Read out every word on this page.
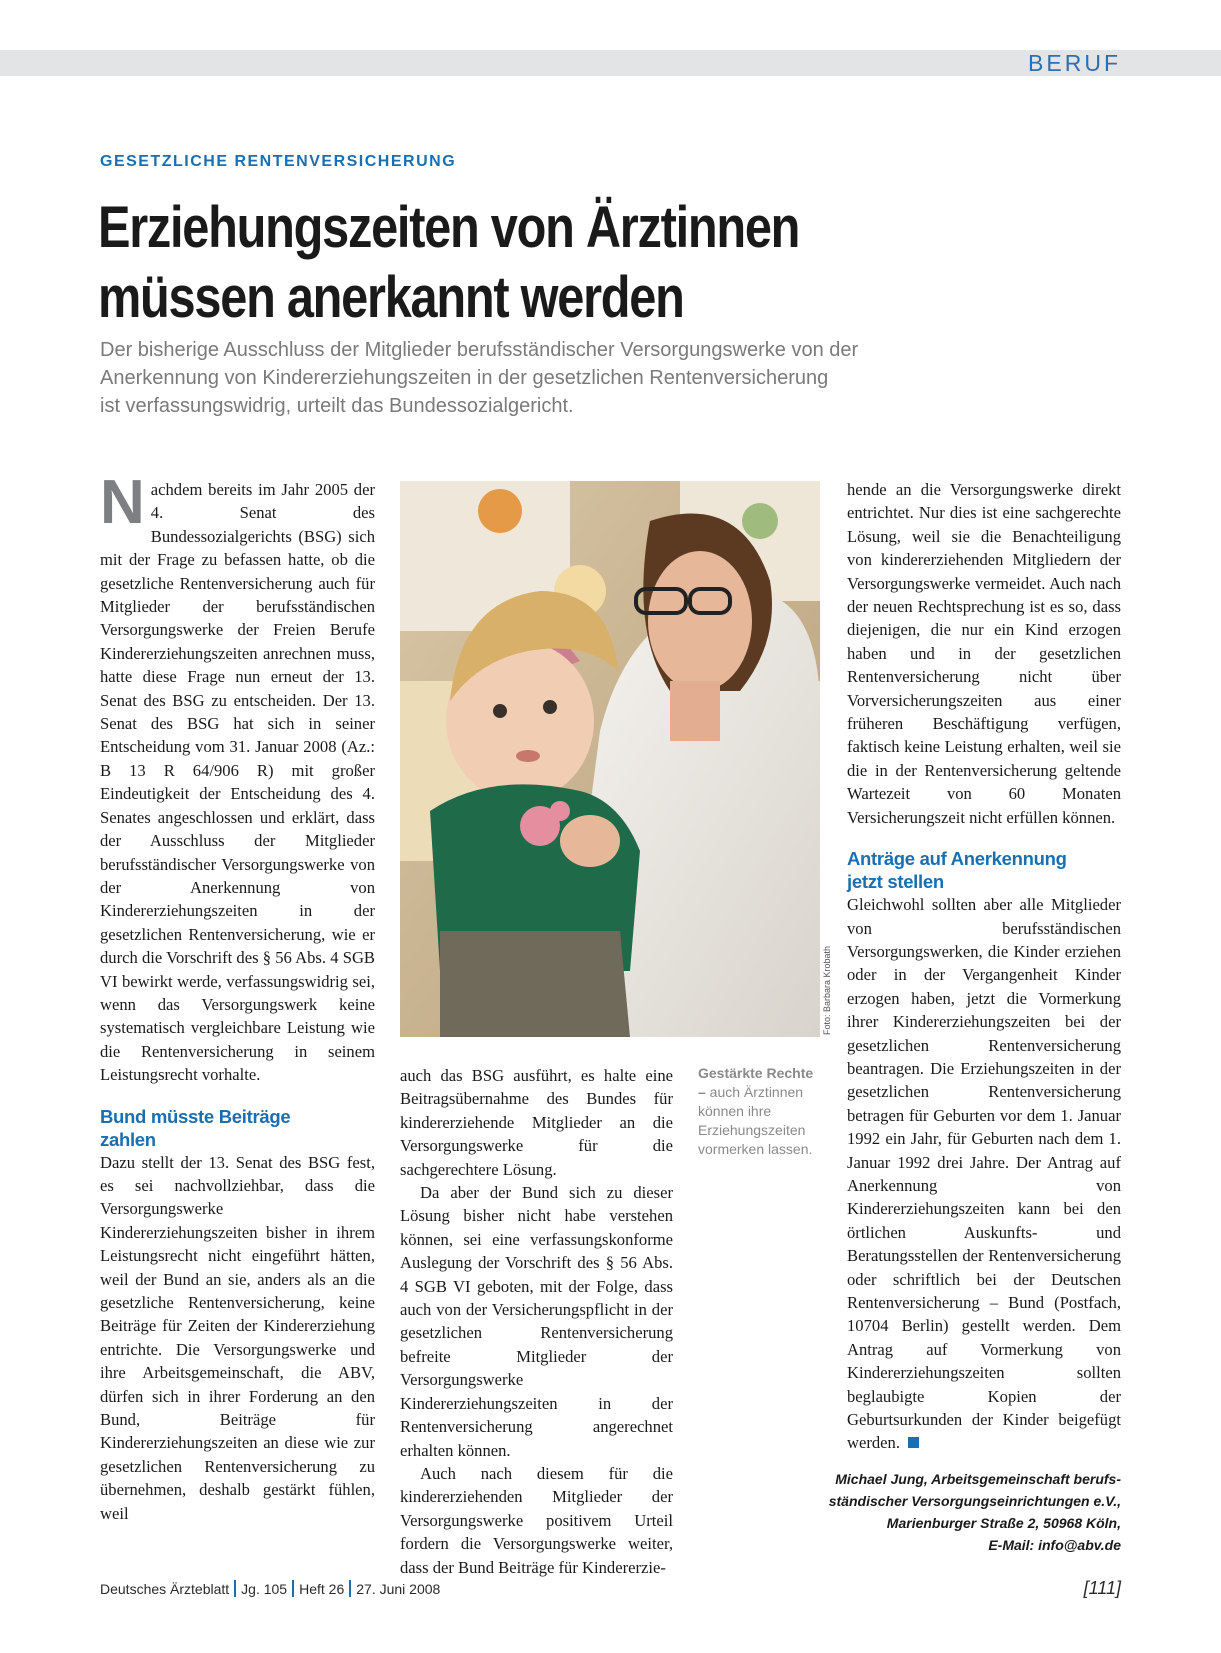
BERUF
GESETZLICHE RENTENVERSICHERUNG
Erziehungszeiten von Ärztinnen
müssen anerkannt werden
Der bisherige Ausschluss der Mitglieder berufsständischer Versorgungswerke von der
Anerkennung von Kindererziehungszeiten in der gesetzlichen Rentenversicherung
ist verfassungswidrig, urteilt das Bundessozialgericht.

Nachdem bereits im Jahr 2005 der 4. Senat des Bundessozialgerichts (BSG) sich mit der Frage zu befassen hatte, ob die gesetzliche Rentenversicherung auch für Mitglieder der berufsständischen Versorgungswerke der Freien Berufe Kindererziehungszeiten anrechnen muss, hatte diese Frage nun erneut der 13. Senat des BSG zu entscheiden. Der 13. Senat des BSG hat sich in seiner Entscheidung vom 31. Januar 2008 (Az.: B 13 R 64/906 R) mit großer Eindeutigkeit der Entscheidung des 4. Senates angeschlossen und erklärt, dass der Ausschluss der Mitglieder berufsständischer Versorgungswerke von der Anerkennung von Kindererziehungszeiten in der gesetzlichen Rentenversicherung, wie er durch die Vorschrift des § 56 Abs. 4 SGB VI bewirkt werde, verfassungswidrig sei, wenn das Versorgungswerk keine systematisch vergleichbare Leistung wie die Rentenversicherung in seinem Leistungsrecht vorhalte.

Bund müsste Beiträge
zahlen

Dazu stellt der 13. Senat des BSG fest, es sei nachvollziehbar, dass die Versorgungswerke Kindererziehungszeiten bisher in ihrem Leistungsrecht nicht eingeführt hätten, weil der Bund an sie, anders als an die gesetzliche Rentenversicherung, keine Beiträge für Zeiten der Kindererziehung entrichte. Die Versorgungswerke und ihre Arbeitsgemeinschaft, die ABV, dürfen sich in ihrer Forderung an den Bund, Beiträge für Kindererziehungszeiten an diese wie zur gesetzlichen Rentenversicherung zu übernehmen, deshalb gestärkt fühlen, weil

Foto: Barbara Krobath

auch das BSG ausführt, es halte eine Beitragsübernahme des Bundes für kindererziehende Mitglieder an die Versorgungswerke für die sachgerechtere Lösung.

Da aber der Bund sich zu dieser Lösung bisher nicht habe verstehen können, sei eine verfassungskonforme Auslegung der Vorschrift des § 56 Abs. 4 SGB VI geboten, mit der Folge, dass auch von der Versicherungspflicht in der gesetzlichen Rentenversicherung befreite Mitglieder der Versorgungswerke Kindererziehungszeiten in der Rentenversicherung angerechnet erhalten können.

Auch nach diesem für die kindererziehenden Mitglieder der Versorgungswerke positivem Urteil fordern die Versorgungswerke weiter, dass der Bund Beiträge für Kindererzie-

Gestärkte Rechte
– auch Ärztinnen können ihre Erziehungszeiten vormerken lassen.

hende an die Versorgungswerke direkt entrichtet. Nur dies ist eine sachgerechte Lösung, weil sie die Benachteiligung von kindererziehenden Mitgliedern der Versorgungswerke vermeidet. Auch nach der neuen Rechtsprechung ist es so, dass diejenigen, die nur ein Kind erzogen haben und in der gesetzlichen Rentenversicherung nicht über Vorversicherungszeiten aus einer früheren Beschäftigung verfügen, faktisch keine Leistung erhalten, weil sie die in der Rentenversicherung geltende Wartezeit von 60 Monaten Versicherungszeit nicht erfüllen können.

Anträge auf Anerkennung
jetzt stellen

Gleichwohl sollten aber alle Mitglieder von berufsständischen Versorgungswerken, die Kinder erziehen oder in der Vergangenheit Kinder erzogen haben, jetzt die Vormerkung ihrer Kindererziehungszeiten bei der gesetzlichen Rentenversicherung beantragen. Die Erziehungszeiten in der gesetzlichen Rentenversicherung betragen für Geburten vor dem 1. Januar 1992 ein Jahr, für Geburten nach dem 1. Januar 1992 drei Jahre. Der Antrag auf Anerkennung von Kindererziehungszeiten kann bei den örtlichen Auskunfts- und Beratungsstellen der Rentenversicherung oder schriftlich bei der Deutschen Rentenversicherung – Bund (Postfach, 10704 Berlin) gestellt werden. Dem Antrag auf Vormerkung von Kindererziehungszeiten sollten beglaubigte Kopien der Geburtsurkunden der Kinder beigefügt werden.

Michael Jung, Arbeitsgemeinschaft berufs-
ständischer Versorgungseinrichtungen e.V.,
Marienburger Straße 2, 50968 Köln,
E-Mail: info@abv.de
Deutsches Ärzteblatt Jg. 105 Heft 26 27. Juni 2008	[111]
